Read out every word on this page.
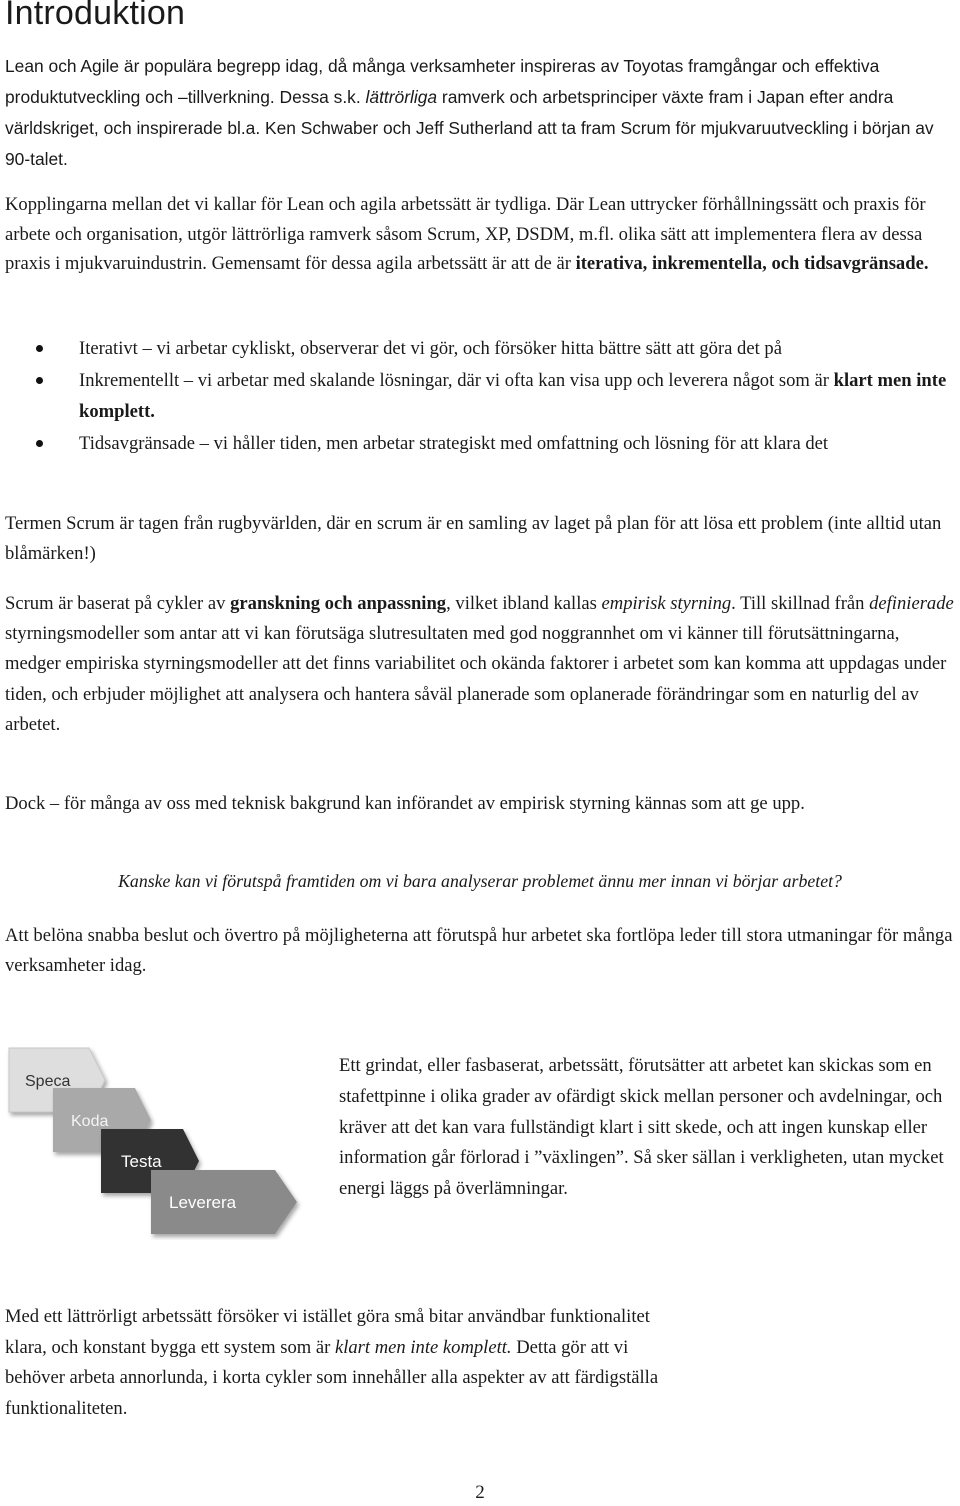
Introduktion

Lean och Agile är populära begrepp idag, då många verksamheter inspireras av Toyotas framgångar och effektiva produktutveckling och –tillverkning. Dessa s.k. lättrörliga ramverk och arbetsprinciper växte fram i Japan efter andra världskriget, och inspirerade bl.a. Ken Schwaber och Jeff Sutherland att ta fram Scrum för mjukvaruutveckling i början av 90-talet.

Kopplingarna mellan det vi kallar för Lean och agila arbetssätt är tydliga. Där Lean uttrycker förhållningssätt och praxis för arbete och organisation, utgör lättrörliga ramverk såsom Scrum, XP, DSDM, m.fl. olika sätt att implementera flera av dessa praxis i mjukvaruindustrin. Gemensamt för dessa agila arbetssätt är att de är iterativa, inkrementella, och tidsavgränsade.

Iterativt – vi arbetar cykliskt, observerar det vi gör, och försöker hitta bättre sätt att göra det på
Inkrementellt – vi arbetar med skalande lösningar, där vi ofta kan visa upp och leverera något som är klart men inte komplett.
Tidsavgränsade – vi håller tiden, men arbetar strategiskt med omfattning och lösning för att klara det

Termen Scrum är tagen från rugbyvärlden, där en scrum är en samling av laget på plan för att lösa ett problem (inte alltid utan blåmärken!)

Scrum är baserat på cykler av granskning och anpassning, vilket ibland kallas empirisk styrning. Till skillnad från definierade styrningsmodeller som antar att vi kan förutsäga slutresultaten med god noggrannhet om vi känner till förutsättningarna, medger empiriska styrningsmodeller att det finns variabilitet och okända faktorer i arbetet som kan komma att uppdagas under tiden, och erbjuder möjlighet att analysera och hantera såväl planerade som oplanerade förändringar som en naturlig del av arbetet.

Dock – för många av oss med teknisk bakgrund kan införandet av empirisk styrning kännas som att ge upp.

Kanske kan vi förutspå framtiden om vi bara analyserar problemet ännu mer innan vi börjar arbetet?

Att belöna snabba beslut och övertro på möjligheterna att förutspå hur arbetet ska fortlöpa leder till stora utmaningar för många verksamheter idag.

Speca
Koda
Testa
Leverera

Ett grindat, eller fasbaserat, arbetssätt, förutsätter att arbetet kan skickas som en stafettpinne i olika grader av ofärdigt skick mellan personer och avdelningar, och kräver att det kan vara fullständigt klart i sitt skede, och att ingen kunskap eller information går förlorad i ”växlingen”. Så sker sällan i verkligheten, utan mycket energi läggs på överlämningar.

Med ett lättrörligt arbetssätt försöker vi istället göra små bitar användbar funktionalitet klara, och konstant bygga ett system som är klart men inte komplett. Detta gör att vi behöver arbeta annorlunda, i korta cykler som innehåller alla aspekter av att färdigställa funktionaliteten.

2
